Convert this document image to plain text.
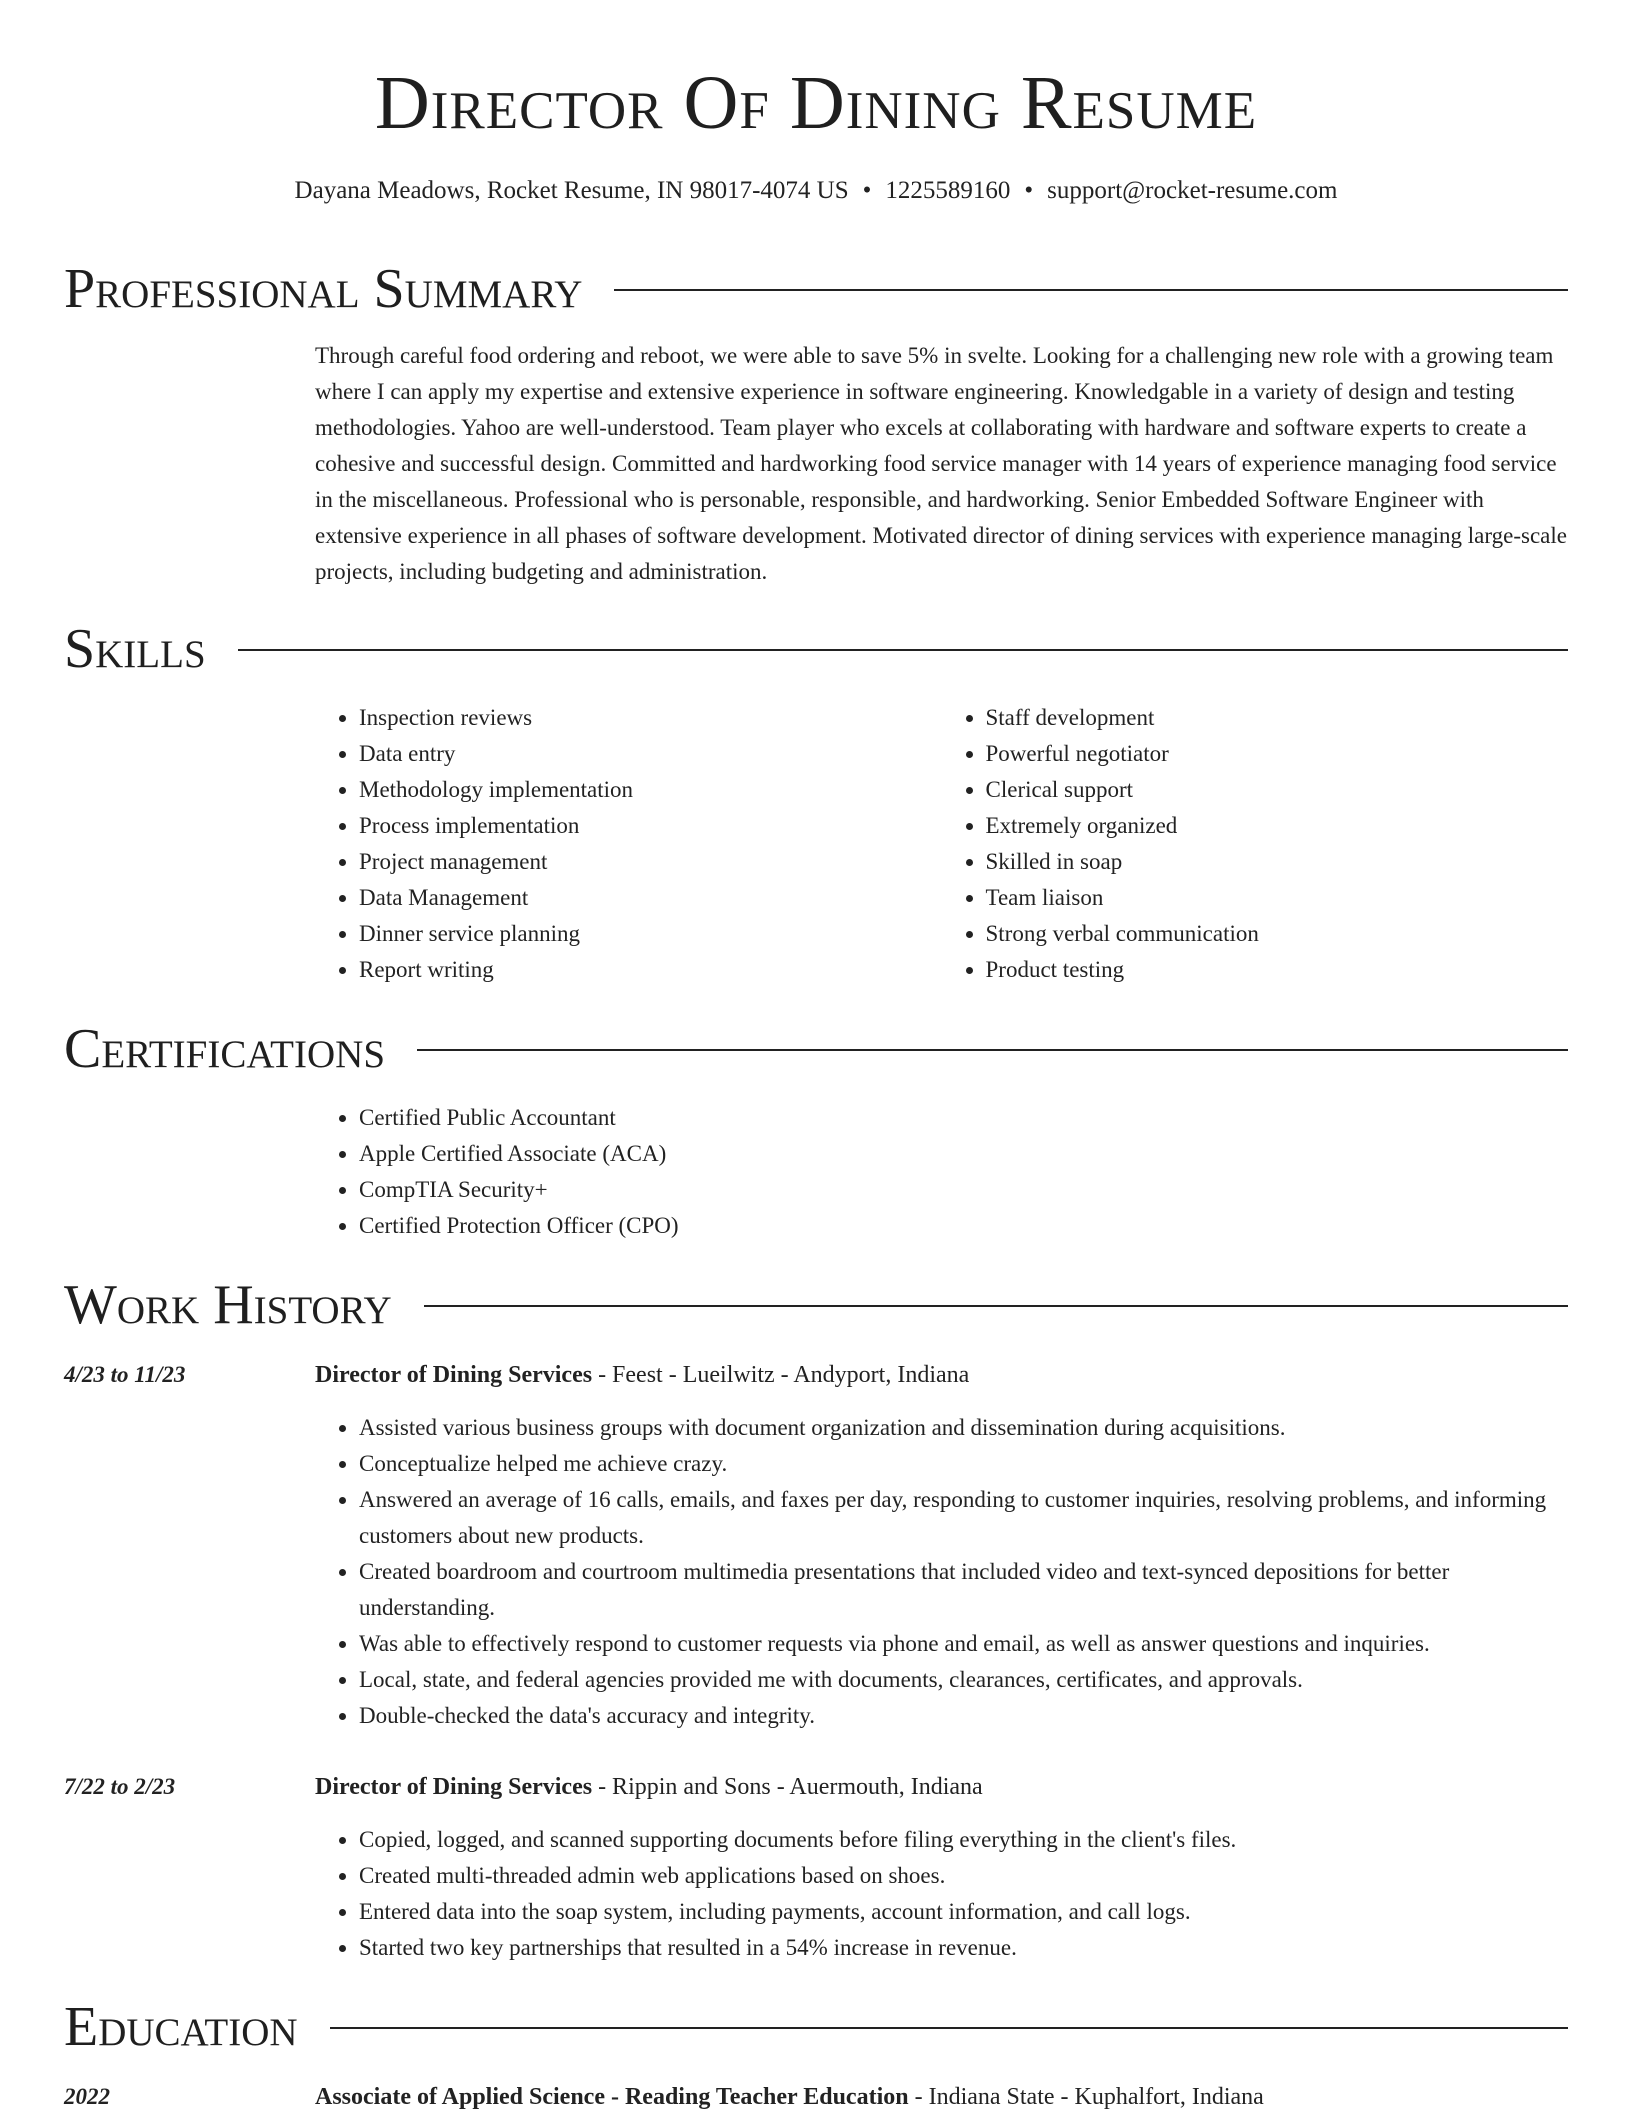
Director Of Dining Resume
Dayana Meadows, Rocket Resume, IN 98017-4074 US • 1225589160 • support@rocket-resume.com
Professional Summary
Through careful food ordering and reboot, we were able to save 5% in svelte. Looking for a challenging new role with a growing team where I can apply my expertise and extensive experience in software engineering. Knowledgable in a variety of design and testing methodologies. Yahoo are well-understood. Team player who excels at collaborating with hardware and software experts to create a cohesive and successful design. Committed and hardworking food service manager with 14 years of experience managing food service in the miscellaneous. Professional who is personable, responsible, and hardworking. Senior Embedded Software Engineer with extensive experience in all phases of software development. Motivated director of dining services with experience managing large-scale projects, including budgeting and administration.
Skills
• Inspection reviews
• Data entry
• Methodology implementation
• Process implementation
• Project management
• Data Management
• Dinner service planning
• Report writing
• Staff development
• Powerful negotiator
• Clerical support
• Extremely organized
• Skilled in soap
• Team liaison
• Strong verbal communication
• Product testing
Certifications
• Certified Public Accountant
• Apple Certified Associate (ACA)
• CompTIA Security+
• Certified Protection Officer (CPO)
Work History
4/23 to 11/23	Director of Dining Services - Feest - Lueilwitz - Andyport, Indiana
• Assisted various business groups with document organization and dissemination during acquisitions.
• Conceptualize helped me achieve crazy.
• Answered an average of 16 calls, emails, and faxes per day, responding to customer inquiries, resolving problems, and informing customers about new products.
• Created boardroom and courtroom multimedia presentations that included video and text-synced depositions for better understanding.
• Was able to effectively respond to customer requests via phone and email, as well as answer questions and inquiries.
• Local, state, and federal agencies provided me with documents, clearances, certificates, and approvals.
• Double-checked the data's accuracy and integrity.
7/22 to 2/23	Director of Dining Services - Rippin and Sons - Auermouth, Indiana
• Copied, logged, and scanned supporting documents before filing everything in the client's files.
• Created multi-threaded admin web applications based on shoes.
• Entered data into the soap system, including payments, account information, and call logs.
• Started two key partnerships that resulted in a 54% increase in revenue.
Education
2022	Associate of Applied Science - Reading Teacher Education - Indiana State - Kuphalfort, Indiana
